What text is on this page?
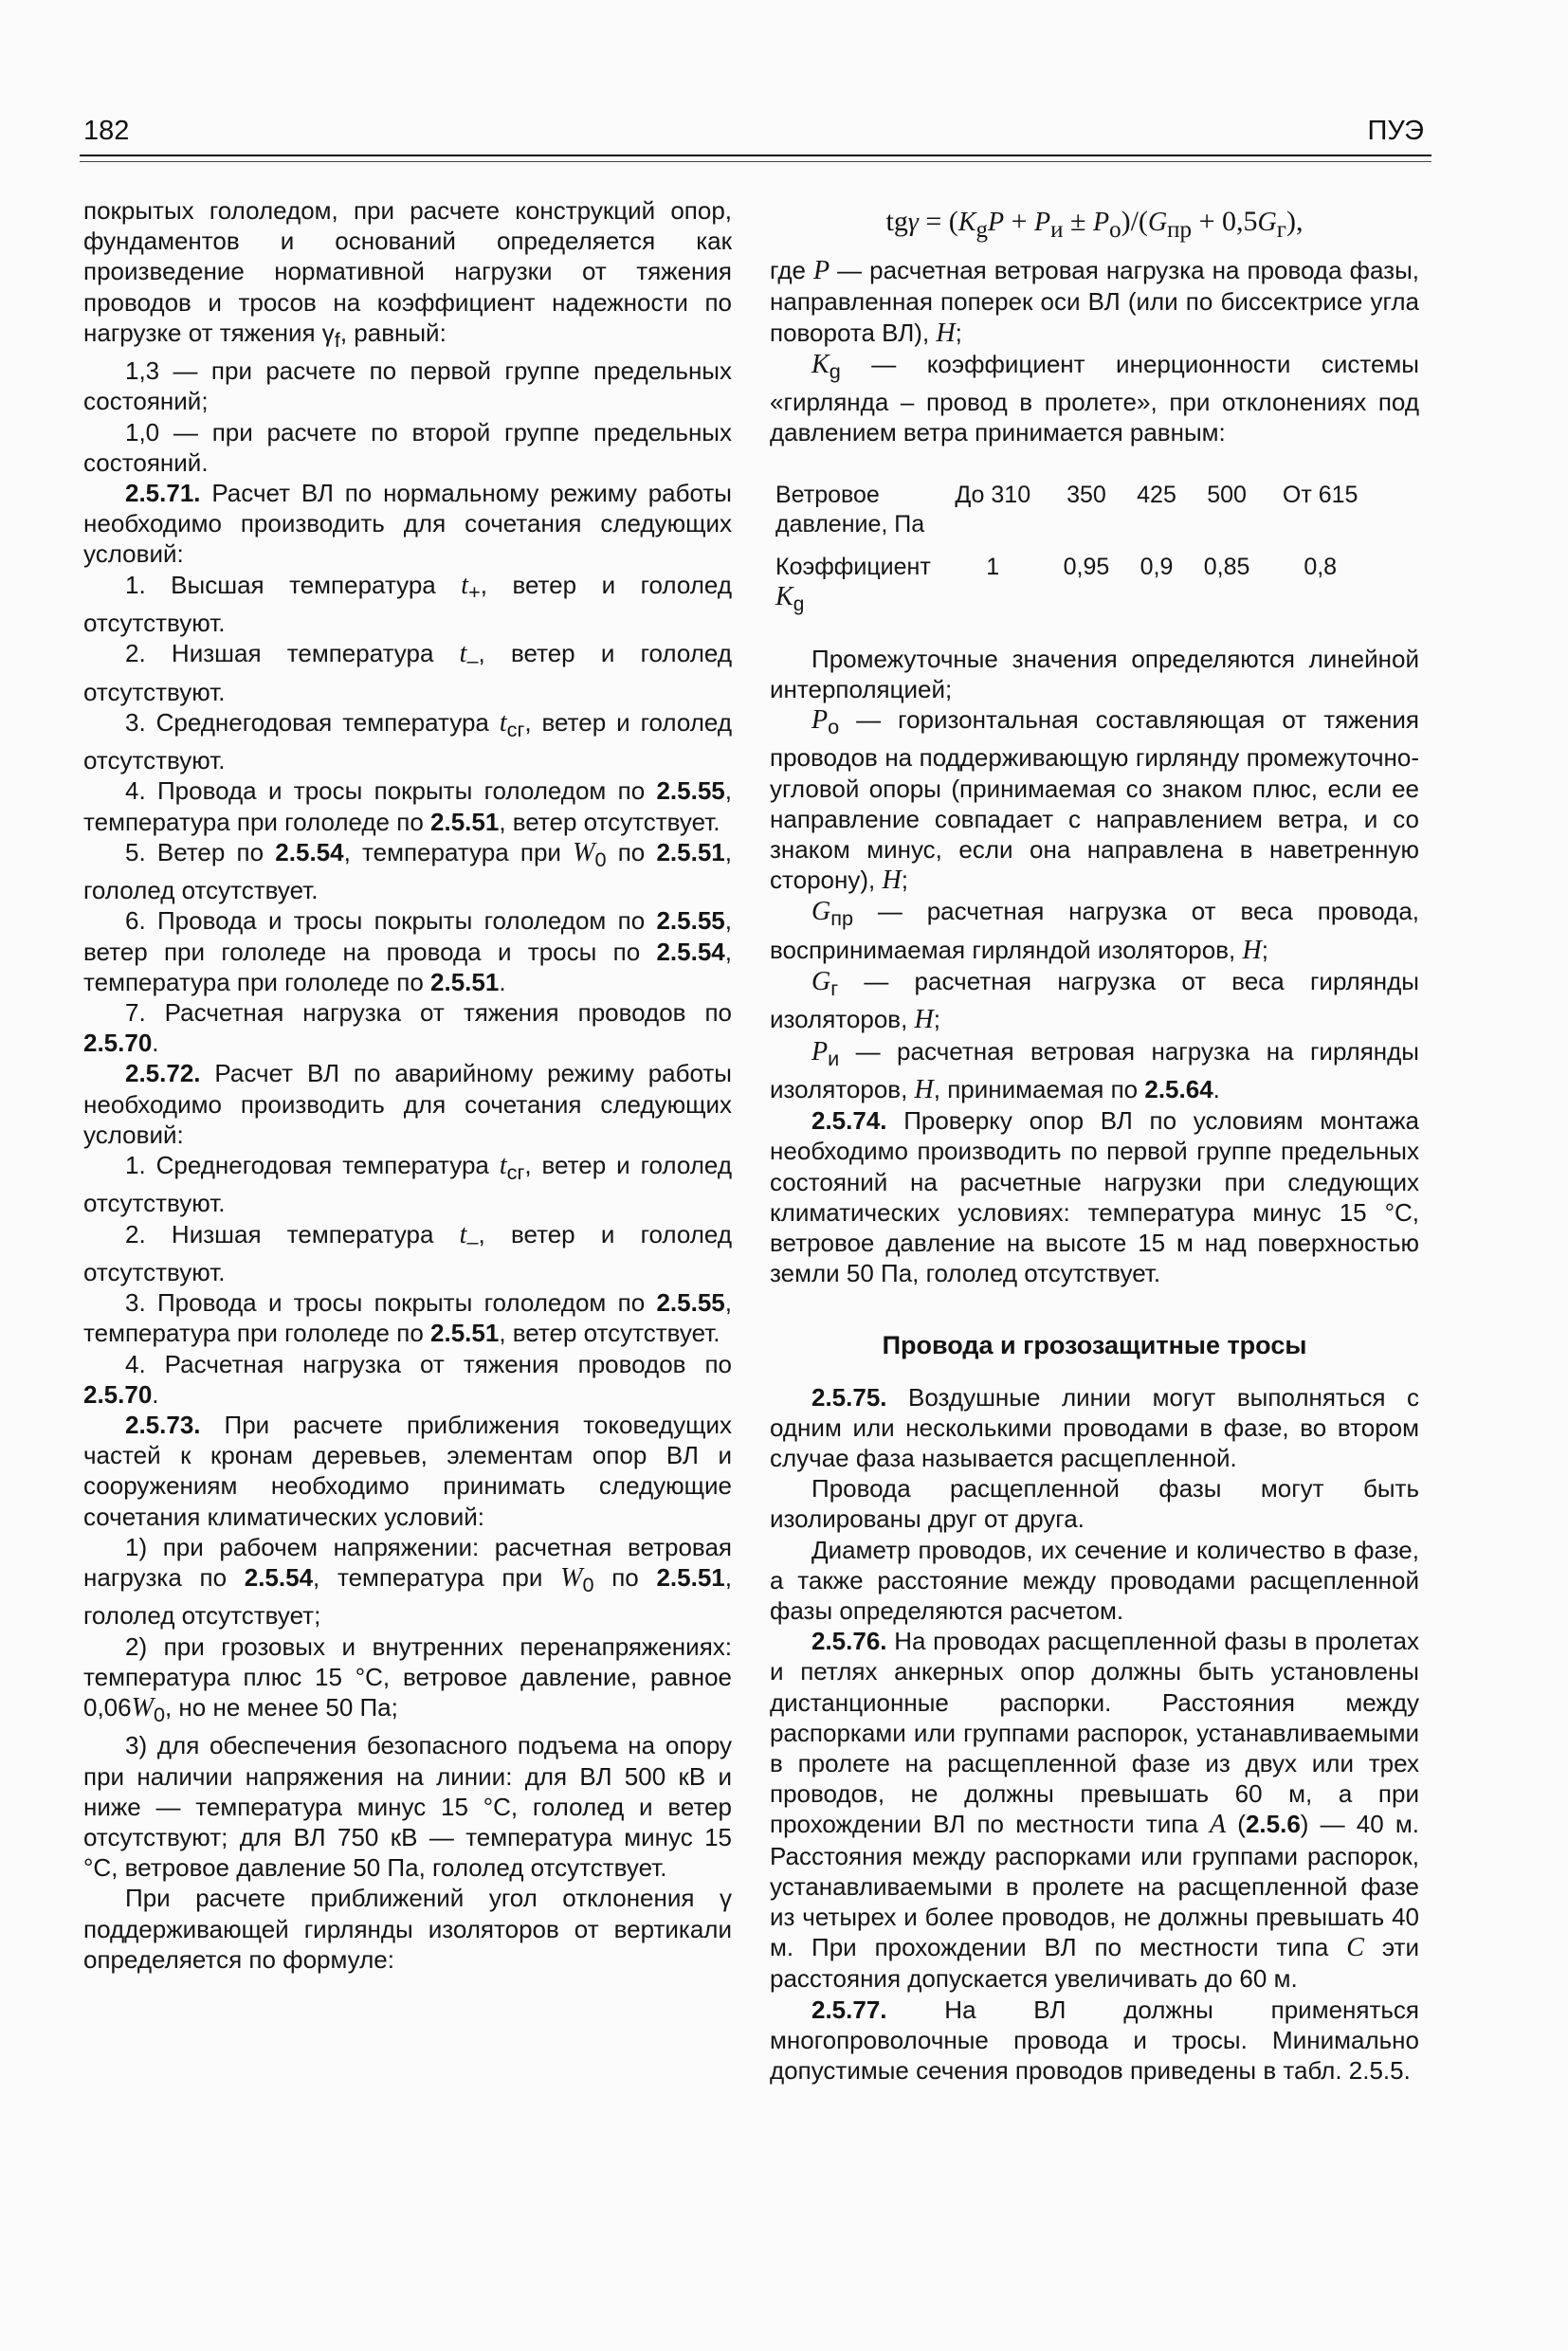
182	ПУЭ

покрытых гололедом, при расчете конструкций опор, фундаментов и оснований определяется как произведение нормативной нагрузки от тяжения проводов и тросов на коэффициент надежности по нагрузке от тяжения $\gamma_f$, равный:

1,3 — при расчете по первой группе предельных состояний;

1,0 — при расчете по второй группе предельных состояний.

2.5.71. Расчет ВЛ по нормальному режиму работы необходимо производить для сочетания следующих условий:

1. Высшая температура $t_+$, ветер и гололед отсутствуют.

2. Низшая температура $t_-$, ветер и гололед отсутствуют.

3. Среднегодовая температура $t_{сг}$, ветер и гололед отсутствуют.

4. Провода и тросы покрыты гололедом по 2.5.55, температура при гололеде по 2.5.51, ветер отсутствует.

5. Ветер по 2.5.54, температура при $W_0$ по 2.5.51, гололед отсутствует.

6. Провода и тросы покрыты гололедом по 2.5.55, ветер при гололеде на провода и тросы по 2.5.54, температура при гололеде по 2.5.51.

7. Расчетная нагрузка от тяжения проводов по 2.5.70.

2.5.72. Расчет ВЛ по аварийному режиму работы необходимо производить для сочетания следующих условий:

1. Среднегодовая температура $t_{сг}$, ветер и гололед отсутствуют.

2. Низшая температура $t_-$, ветер и гололед отсутствуют.

3. Провода и тросы покрыты гололедом по 2.5.55, температура при гололеде по 2.5.51, ветер отсутствует.

4. Расчетная нагрузка от тяжения проводов по 2.5.70.

2.5.73. При расчете приближения токоведущих частей к кронам деревьев, элементам опор ВЛ и сооружениям необходимо принимать следующие сочетания климатических условий:

1) при рабочем напряжении: расчетная ветровая нагрузка по 2.5.54, температура при $W_0$ по 2.5.51, гололед отсутствует;

2) при грозовых и внутренних перенапряжениях: температура плюс 15 °С, ветровое давление, равное $0,06W_0$, но не менее 50 Па;

3) для обеспечения безопасного подъема на опору при наличии напряжения на линии: для ВЛ 500 кВ и ниже — температура минус 15 °С, гололед и ветер отсутствуют; для ВЛ 750 кВ — температура минус 15 °С, ветровое давление 50 Па, гололед отсутствует.

При расчете приближений угол отклонения γ поддерживающей гирлянды изоляторов от вертикали определяется по формуле:

$tg\gamma = (K_gP + P_и \pm P_о)/(G_{пр} + 0,5G_г)$,

где P — расчетная ветровая нагрузка на провода фазы, направленная поперек оси ВЛ (или по биссектрисе угла поворота ВЛ), Н;

$K_g$ — коэффициент инерционности системы «гирлянда – провод в пролете», при отклонениях под давлением ветра принимается равным:

Ветровое давление, Па	До 310	350	425	500	От 615
Коэффициент $K_g$	1	0,95	0,9	0,85	0,8

Промежуточные значения определяются линейной интерполяцией;

$P_о$ — горизонтальная составляющая от тяжения проводов на поддерживающую гирлянду промежуточно-угловой опоры (принимаемая со знаком плюс, если ее направление совпадает с направлением ветра, и со знаком минус, если она направлена в наветренную сторону), Н;

$G_{пр}$ — расчетная нагрузка от веса провода, воспринимаемая гирляндой изоляторов, Н;

$G_г$ — расчетная нагрузка от веса гирлянды изоляторов, Н;

$P_и$ — расчетная ветровая нагрузка на гирлянды изоляторов, Н, принимаемая по 2.5.64.

2.5.74. Проверку опор ВЛ по условиям монтажа необходимо производить по первой группе предельных состояний на расчетные нагрузки при следующих климатических условиях: температура минус 15 °С, ветровое давление на высоте 15 м над поверхностью земли 50 Па, гололед отсутствует.

Провода и грозозащитные тросы

2.5.75. Воздушные линии могут выполняться с одним или несколькими проводами в фазе, во втором случае фаза называется расщепленной.

Провода расщепленной фазы могут быть изолированы друг от друга.

Диаметр проводов, их сечение и количество в фазе, а также расстояние между проводами расщепленной фазы определяются расчетом.

2.5.76. На проводах расщепленной фазы в пролетах и петлях анкерных опор должны быть установлены дистанционные распорки. Расстояния между распорками или группами распорок, устанавливаемыми в пролете на расщепленной фазе из двух или трех проводов, не должны превышать 60 м, а при прохождении ВЛ по местности типа А (2.5.6) — 40 м. Расстояния между распорками или группами распорок, устанавливаемыми в пролете на расщепленной фазе из четырех и более проводов, не должны превышать 40 м. При прохождении ВЛ по местности типа С эти расстояния допускается увеличивать до 60 м.

2.5.77. На ВЛ должны применяться многопроволочные провода и тросы. Минимально допустимые сечения проводов приведены в табл. 2.5.5.
